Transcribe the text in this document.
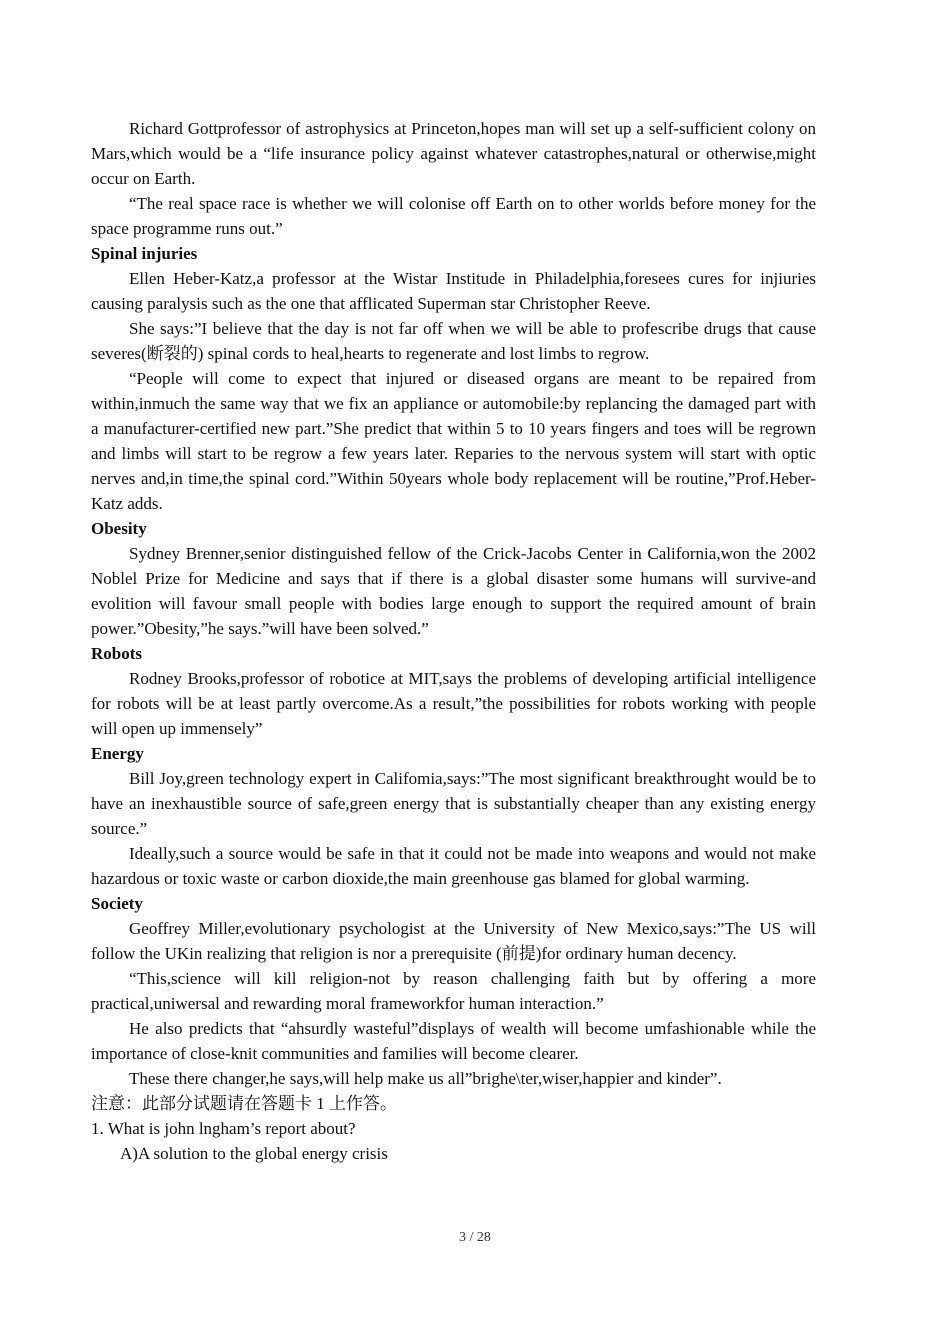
Richard Gottprofessor of astrophysics at Princeton,hopes man will set up a self-sufficient colony on Mars,which would be a “life insurance policy against whatever catastrophes,natural or otherwise,might occur on Earth.

“The real space race is whether we will colonise off Earth on to other worlds before money for the space programme runs out.”

Spinal injuries

Ellen Heber-Katz,a professor at the Wistar Institude in Philadelphia,foresees cures for injiuries causing paralysis such as the one that afflicated Superman star Christopher Reeve.

She says:”I believe that the day is not far off when we will be able to profescribe drugs that cause severes(断裂的) spinal cords to heal,hearts to regenerate and lost limbs to regrow.

“People will come to expect that injured or diseased organs are meant to be repaired from within,inmuch the same way that we fix an appliance or automobile:by replancing the damaged part with a manufacturer-certified new part.”She predict that within 5 to 10 years fingers and toes will be regrown and limbs will start to be regrow a few years later. Reparies to the nervous system will start with optic nerves and,in time,the spinal cord.”Within 50years whole body replacement will be routine,”Prof.Heber-Katz adds.

Obesity

Sydney Brenner,senior distinguished fellow of the Crick-Jacobs Center in California,won the 2002 Noblel Prize for Medicine and says that if there is a global disaster some humans will survive-and evolition will favour small people with bodies large enough to support the required amount of brain power.”Obesity,”he says.”will have been solved.”

Robots

Rodney Brooks,professor of robotice at MIT,says the problems of developing artificial intelligence for robots will be at least partly overcome.As a result,”the possibilities for robots working with people will open up immensely”

Energy

Bill Joy,green technology expert in Califomia,says:”The most significant breakthrought would be to have an inexhaustible source of safe,green energy that is substantially cheaper than any existing energy source.”

Ideally,such a source would be safe in that it could not be made into weapons and would not make hazardous or toxic waste or carbon dioxide,the main greenhouse gas blamed for global warming.

Society

Geoffrey Miller,evolutionary psychologist at the University of New Mexico,says:”The US will follow the UKin realizing that religion is nor a prerequisite (前提)for ordinary human decency.

“This,science will kill religion-not by reason challenging faith but by offering a more practical,uniwersal and rewarding moral frameworkfor human interaction.”

He also predicts that “ahsurdly wasteful”displays of wealth will become umfashionable while the importance of close-knit communities and families will become clearer.

These there changer,he says,will help make us all”brighe\ter,wiser,happier and kinder”.

注意：此部分试题请在答题卡 1 上作答。

1. What is john lngham’s report about?

A)A solution to the global energy crisis

3 / 28
